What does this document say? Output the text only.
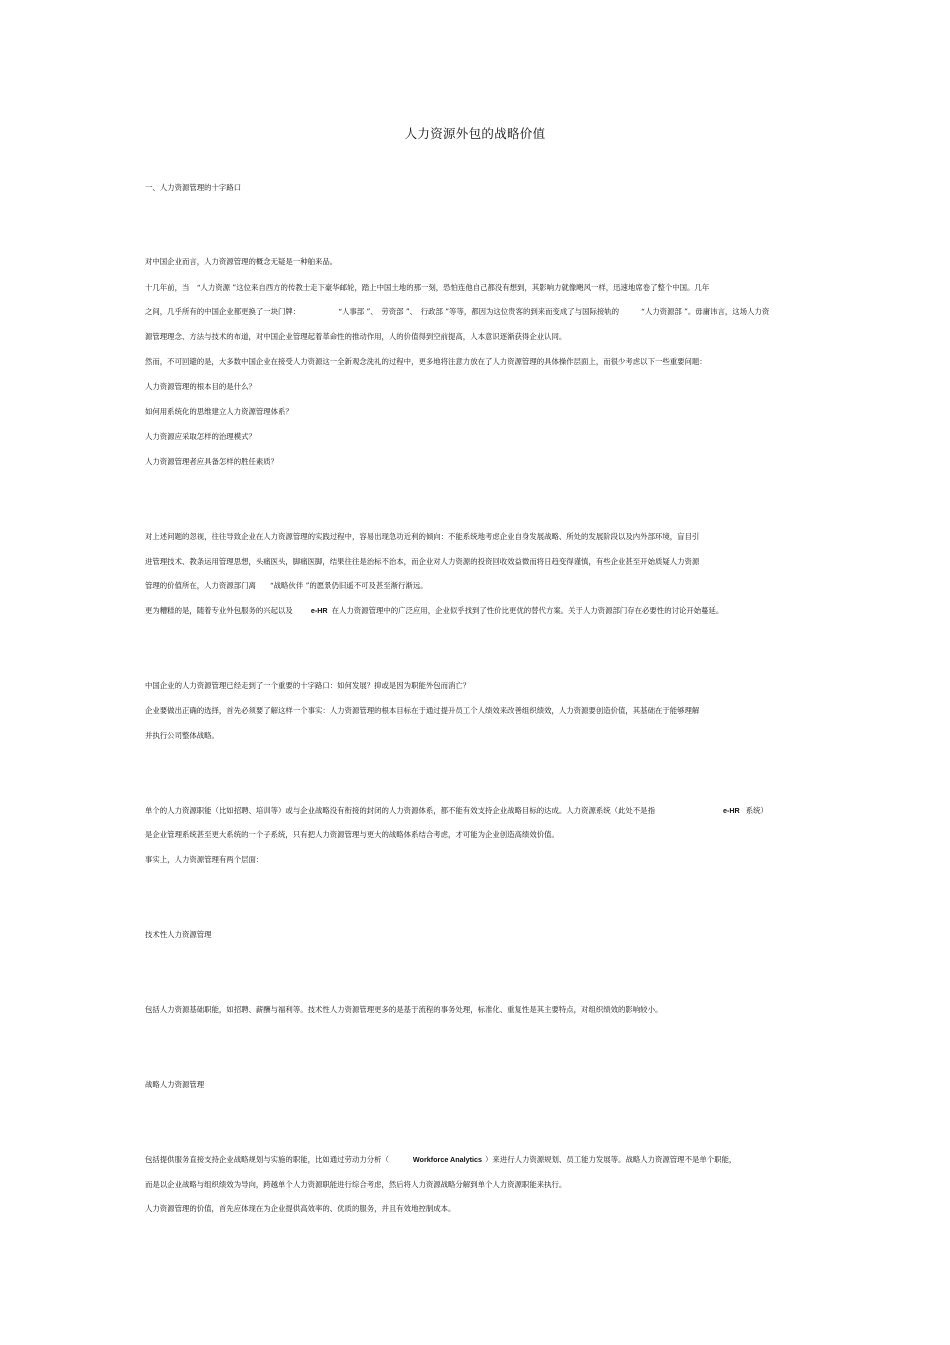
人力资源外包的战略价值

一、人力资源管理的十字路口

对中国企业而言，人力资源管理的概念无疑是一种舶来品。

十几年前，当　“人力资源 ”这位来自西方的传教士走下豪华邮轮，踏上中国土地的那一刻，恐怕连他自己都没有想到，其影响力就像飓风一样，迅速地席卷了整个中国。几年

之间，几乎所有的中国企业都更换了一块门牌：	“人事部 ”、　劳资部 ”、　行政部 ”等等，都因为这位贵客的到来而变成了与国际接轨的	“人力资源部 ”。毋庸讳言，这场人力资

源管理理念、方法与技术的布道，对中国企业管理起着革命性的推动作用，人的价值得到空前提高，人本意识逐渐获得企业认同。

然而，不可回避的是，大多数中国企业在接受人力资源这一全新观念洗礼的过程中，更多地将注意力放在了人力资源管理的具体操作层面上，而很少考虑以下一些重要问题：

人力资源管理的根本目的是什么？

如何用系统化的思维建立人力资源管理体系？

人力资源应采取怎样的治理模式？

人力资源管理者应具备怎样的胜任素质？

对上述问题的忽视，往往导致企业在人力资源管理的实践过程中，容易出现急功近利的倾向：不能系统地考虑企业自身发展战略、所处的发展阶段以及内外部环境，盲目引

进管理技术、教条运用管理思想，头痛医头，脚痛医脚，结果往往是治标不治本，而企业对人力资源的投资回收效益微而将日趋变得谨慎，有些企业甚至开始质疑人力资源

管理的价值所在，人力资源部门离 “战略伙伴 ”的愿景仍旧遥不可及甚至渐行渐远。

更为糟糕的是，随着专业外包服务的兴起以及	e-HR 在人力资源管理中的广泛应用，企业似乎找到了性价比更优的替代方案。关于人力资源部门存在必要性的讨论开始蔓延。

中国企业的人力资源管理已经走到了一个重要的十字路口：如何发展？抑或是因为职能外包而消亡？

企业要做出正确的选择，首先必须要了解这样一个事实：人力资源管理的根本目标在于通过提升员工个人绩效来改善组织绩效，人力资源要创造价值，其基础在于能够理解

并执行公司整体战略。

单个的人力资源职能（比如招聘、培训等）或与企业战略没有衔接的封闭的人力资源体系，都不能有效支持企业战略目标的达成。人力资源系统（此处不是指	e-HR 系统）

是企业管理系统甚至更大系统的一个子系统，只有把人力资源管理与更大的战略体系结合考虑，才可能为企业创造高绩效价值。

事实上，人力资源管理有两个层面：

技术性人力资源管理

包括人力资源基础职能，如招聘、薪酬与福利等。技术性人力资源管理更多的是基于流程的事务处理，标准化、重复性是其主要特点，对组织绩效的影响较小。

战略人力资源管理

包括提供服务直接支持企业战略规划与实施的职能，比如通过劳动力分析（	Workforce Analytics ）来进行人力资源规划、员工能力发展等。战略人力资源管理不是单个职能，

而是以企业战略与组织绩效为导向，跨越单个人力资源职能进行综合考虑，然后将人力资源战略分解到单个人力资源职能来执行。

人力资源管理的价值，首先应体现在为企业提供高效率的、优质的服务，并且有效地控制成本。
